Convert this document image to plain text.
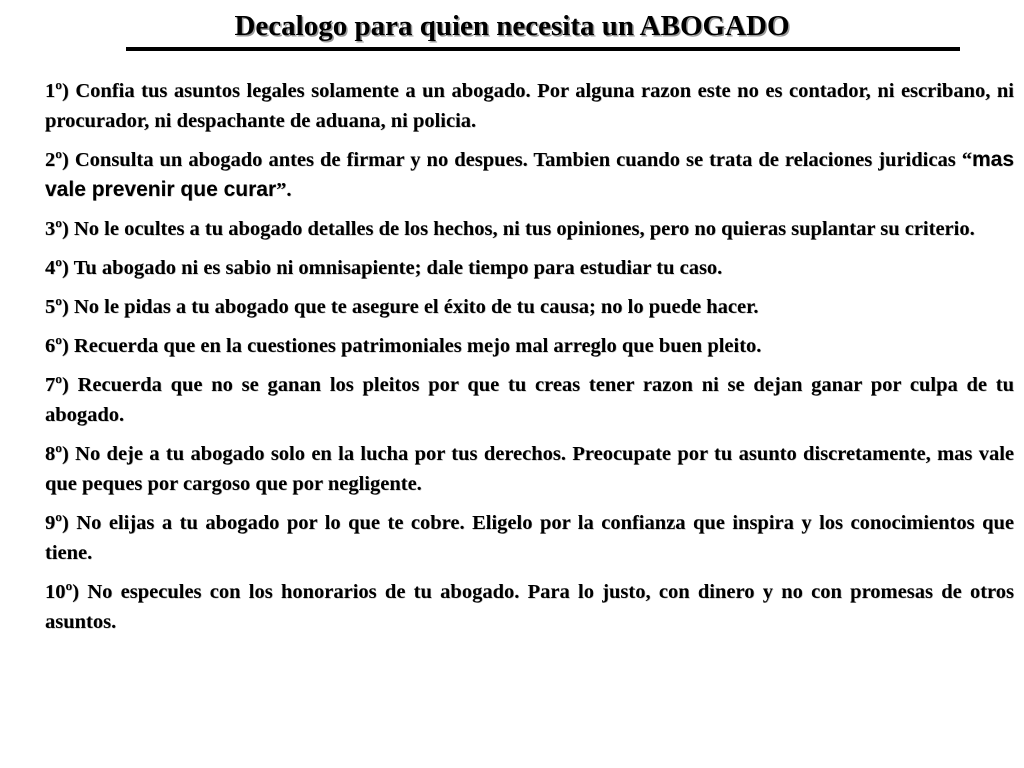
Decalogo para quien necesita un ABOGADO
1º) Confia tus asuntos legales solamente a un abogado. Por alguna razon este no es contador, ni escribano, ni procurador, ni despachante de aduana, ni policia.
2º) Consulta un abogado antes de firmar y no despues. Tambien cuando se trata de relaciones juridicas “mas vale prevenir que curar”.
3º) No le ocultes a tu abogado detalles de los hechos, ni tus opiniones, pero no quieras suplantar su criterio.
4º) Tu abogado ni es sabio ni omnisapiente; dale tiempo para estudiar tu caso.
5º) No le pidas a tu abogado que te asegure el éxito de tu causa; no lo puede hacer.
6º) Recuerda que en la cuestiones patrimoniales mejo mal arreglo que buen pleito.
7º) Recuerda que no se ganan los pleitos por que tu creas tener razon ni se dejan ganar por culpa de tu abogado.
8º) No deje a tu abogado solo en la lucha por tus derechos. Preocupate por tu asunto discretamente, mas vale que peques por cargoso que por negligente.
9º) No elijas a tu abogado por lo que te cobre. Eligelo por la confianza que inspira y los conocimientos que tiene.
10º) No especules con los honorarios de tu abogado. Para lo justo, con dinero y no con promesas de otros asuntos.
